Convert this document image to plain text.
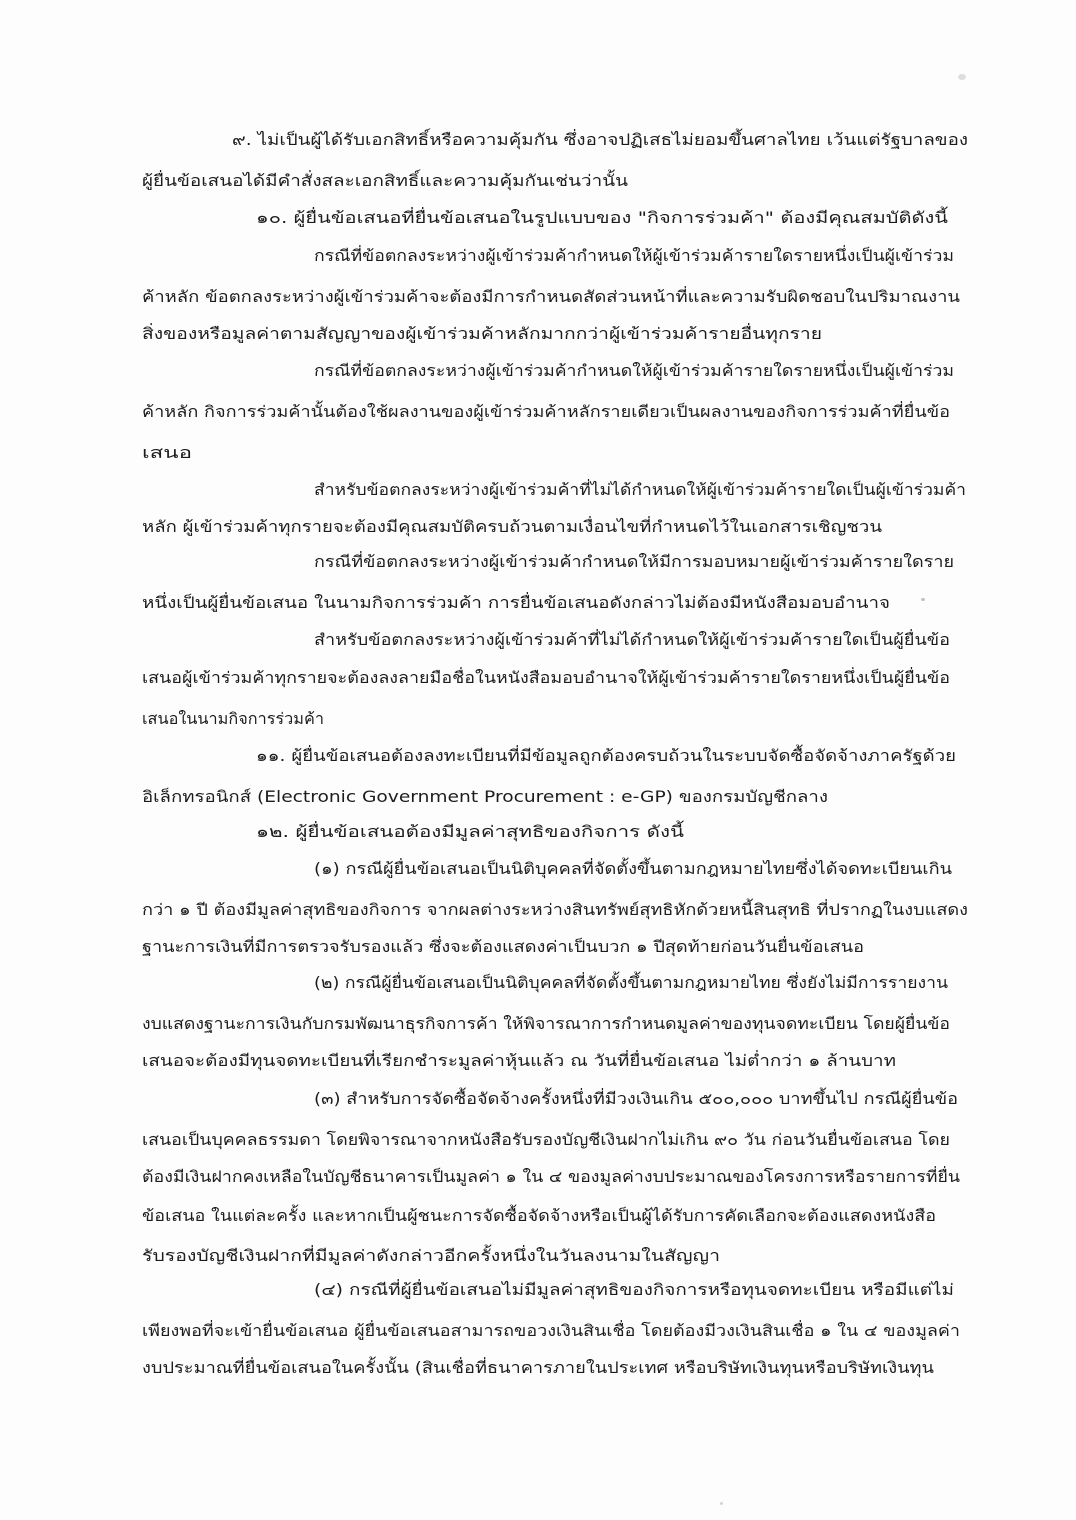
๙. ไม่เป็นผู้ได้รับเอกสิทธิ์หรือความคุ้มกัน ซึ่งอาจปฏิเสธไม่ยอมขึ้นศาลไทย เว้นแต่รัฐบาลของ
ผู้ยื่นข้อเสนอได้มีคำสั่งสละเอกสิทธิ์และความคุ้มกันเช่นว่านั้น
๑๐. ผู้ยื่นข้อเสนอที่ยื่นข้อเสนอในรูปแบบของ "กิจการร่วมค้า" ต้องมีคุณสมบัติดังนี้
กรณีที่ข้อตกลงระหว่างผู้เข้าร่วมค้ากำหนดให้ผู้เข้าร่วมค้ารายใดรายหนึ่งเป็นผู้เข้าร่วม
ค้าหลัก ข้อตกลงระหว่างผู้เข้าร่วมค้าจะต้องมีการกำหนดสัดส่วนหน้าที่และความรับผิดชอบในปริมาณงาน
สิ่งของหรือมูลค่าตามสัญญาของผู้เข้าร่วมค้าหลักมากกว่าผู้เข้าร่วมค้ารายอื่นทุกราย
กรณีที่ข้อตกลงระหว่างผู้เข้าร่วมค้ากำหนดให้ผู้เข้าร่วมค้ารายใดรายหนึ่งเป็นผู้เข้าร่วม
ค้าหลัก กิจการร่วมค้านั้นต้องใช้ผลงานของผู้เข้าร่วมค้าหลักรายเดียวเป็นผลงานของกิจการร่วมค้าที่ยื่นข้อ
เสนอ
สำหรับข้อตกลงระหว่างผู้เข้าร่วมค้าที่ไม่ได้กำหนดให้ผู้เข้าร่วมค้ารายใดเป็นผู้เข้าร่วมค้า
หลัก ผู้เข้าร่วมค้าทุกรายจะต้องมีคุณสมบัติครบถ้วนตามเงื่อนไขที่กำหนดไว้ในเอกสารเชิญชวน
กรณีที่ข้อตกลงระหว่างผู้เข้าร่วมค้ากำหนดให้มีการมอบหมายผู้เข้าร่วมค้ารายใดราย
หนึ่งเป็นผู้ยื่นข้อเสนอ ในนามกิจการร่วมค้า การยื่นข้อเสนอดังกล่าวไม่ต้องมีหนังสือมอบอำนาจ
สำหรับข้อตกลงระหว่างผู้เข้าร่วมค้าที่ไม่ได้กำหนดให้ผู้เข้าร่วมค้ารายใดเป็นผู้ยื่นข้อ
เสนอผู้เข้าร่วมค้าทุกรายจะต้องลงลายมือชื่อในหนังสือมอบอำนาจให้ผู้เข้าร่วมค้ารายใดรายหนึ่งเป็นผู้ยื่นข้อ
เสนอในนามกิจการร่วมค้า
๑๑. ผู้ยื่นข้อเสนอต้องลงทะเบียนที่มีข้อมูลถูกต้องครบถ้วนในระบบจัดซื้อจัดจ้างภาครัฐด้วย
อิเล็กทรอนิกส์ (Electronic Government Procurement : e-GP) ของกรมบัญชีกลาง
๑๒. ผู้ยื่นข้อเสนอต้องมีมูลค่าสุทธิของกิจการ ดังนี้
(๑) กรณีผู้ยื่นข้อเสนอเป็นนิติบุคคลที่จัดตั้งขึ้นตามกฎหมายไทยซึ่งได้จดทะเบียนเกิน
กว่า ๑ ปี ต้องมีมูลค่าสุทธิของกิจการ จากผลต่างระหว่างสินทรัพย์สุทธิหักด้วยหนี้สินสุทธิ ที่ปรากฏในงบแสดง
ฐานะการเงินที่มีการตรวจรับรองแล้ว ซึ่งจะต้องแสดงค่าเป็นบวก ๑ ปีสุดท้ายก่อนวันยื่นข้อเสนอ
(๒) กรณีผู้ยื่นข้อเสนอเป็นนิติบุคคลที่จัดตั้งขึ้นตามกฎหมายไทย ซึ่งยังไม่มีการรายงาน
งบแสดงฐานะการเงินกับกรมพัฒนาธุรกิจการค้า ให้พิจารณาการกำหนดมูลค่าของทุนจดทะเบียน โดยผู้ยื่นข้อ
เสนอจะต้องมีทุนจดทะเบียนที่เรียกชำระมูลค่าหุ้นแล้ว ณ วันที่ยื่นข้อเสนอ ไม่ต่ำกว่า ๑ ล้านบาท
(๓) สำหรับการจัดซื้อจัดจ้างครั้งหนึ่งที่มีวงเงินเกิน ๕๐๐,๐๐๐ บาทขึ้นไป กรณีผู้ยื่นข้อ
เสนอเป็นบุคคลธรรมดา โดยพิจารณาจากหนังสือรับรองบัญชีเงินฝากไม่เกิน ๙๐ วัน ก่อนวันยื่นข้อเสนอ โดย
ต้องมีเงินฝากคงเหลือในบัญชีธนาคารเป็นมูลค่า ๑ ใน ๔ ของมูลค่างบประมาณของโครงการหรือรายการที่ยื่น
ข้อเสนอ ในแต่ละครั้ง และหากเป็นผู้ชนะการจัดซื้อจัดจ้างหรือเป็นผู้ได้รับการคัดเลือกจะต้องแสดงหนังสือ
รับรองบัญชีเงินฝากที่มีมูลค่าดังกล่าวอีกครั้งหนึ่งในวันลงนามในสัญญา
(๔) กรณีที่ผู้ยื่นข้อเสนอไม่มีมูลค่าสุทธิของกิจการหรือทุนจดทะเบียน หรือมีแต่ไม่
เพียงพอที่จะเข้ายื่นข้อเสนอ ผู้ยื่นข้อเสนอสามารถขอวงเงินสินเชื่อ โดยต้องมีวงเงินสินเชื่อ ๑ ใน ๔ ของมูลค่า
งบประมาณที่ยื่นข้อเสนอในครั้งนั้น (สินเชื่อที่ธนาคารภายในประเทศ หรือบริษัทเงินทุนหรือบริษัทเงินทุน
